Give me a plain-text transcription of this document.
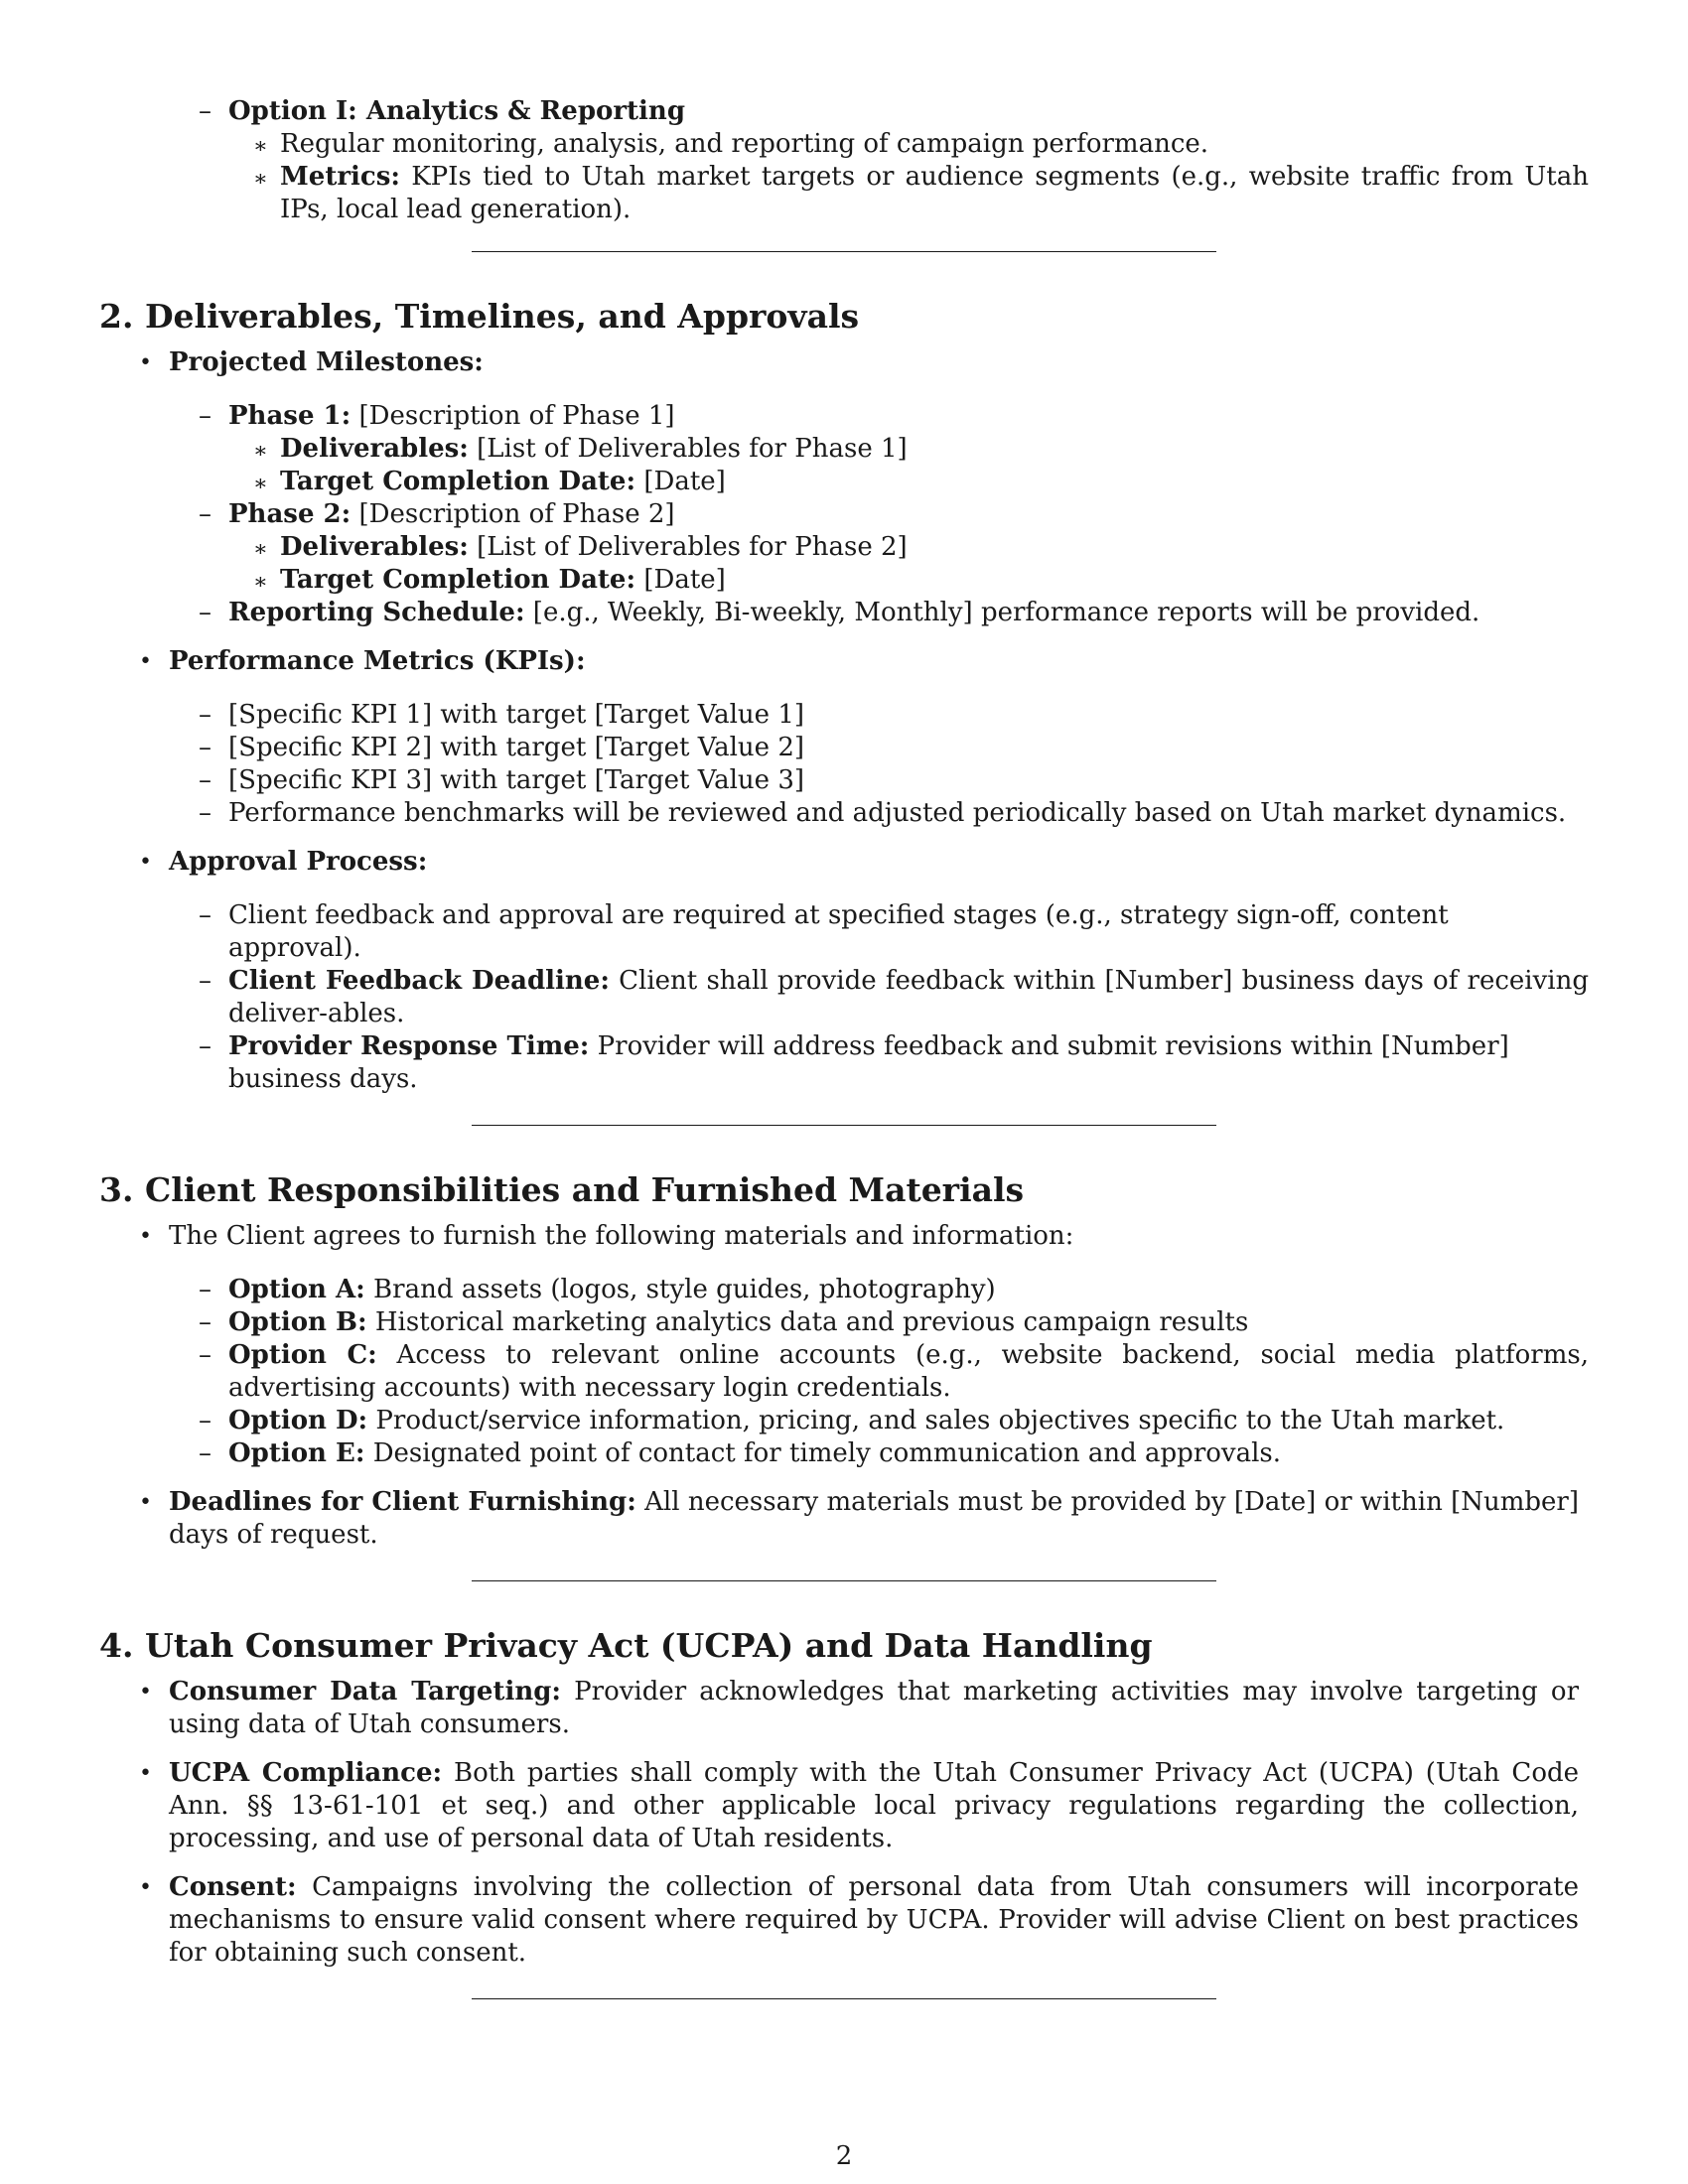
– Option I: Analytics & Reporting
∗ Regular monitoring, analysis, and reporting of campaign performance.
∗ Metrics: KPIs tied to Utah market targets or audience segments (e.g., website traffic from Utah IPs, local lead generation).
2. Deliverables, Timelines, and Approvals
• Projected Milestones:
– Phase 1: [Description of Phase 1]
∗ Deliverables: [List of Deliverables for Phase 1]
∗ Target Completion Date: [Date]
– Phase 2: [Description of Phase 2]
∗ Deliverables: [List of Deliverables for Phase 2]
∗ Target Completion Date: [Date]
– Reporting Schedule: [e.g., Weekly, Bi-weekly, Monthly] performance reports will be provided.
• Performance Metrics (KPIs):
– [Specific KPI 1] with target [Target Value 1]
– [Specific KPI 2] with target [Target Value 2]
– [Specific KPI 3] with target [Target Value 3]
– Performance benchmarks will be reviewed and adjusted periodically based on Utah market dynamics.
• Approval Process:
– Client feedback and approval are required at specified stages (e.g., strategy sign-off, content approval).
– Client Feedback Deadline: Client shall provide feedback within [Number] business days of receiving deliver-ables.
– Provider Response Time: Provider will address feedback and submit revisions within [Number] business days.
3. Client Responsibilities and Furnished Materials
• The Client agrees to furnish the following materials and information:
– Option A: Brand assets (logos, style guides, photography)
– Option B: Historical marketing analytics data and previous campaign results
– Option C: Access to relevant online accounts (e.g., website backend, social media platforms, advertising accounts) with necessary login credentials.
– Option D: Product/service information, pricing, and sales objectives specific to the Utah market.
– Option E: Designated point of contact for timely communication and approvals.
• Deadlines for Client Furnishing: All necessary materials must be provided by [Date] or within [Number] days of request.
4. Utah Consumer Privacy Act (UCPA) and Data Handling
• Consumer Data Targeting: Provider acknowledges that marketing activities may involve targeting or using data of Utah consumers.
• UCPA Compliance: Both parties shall comply with the Utah Consumer Privacy Act (UCPA) (Utah Code Ann. §§ 13-61-101 et seq.) and other applicable local privacy regulations regarding the collection, processing, and use of personal data of Utah residents.
• Consent: Campaigns involving the collection of personal data from Utah consumers will incorporate mechanisms to ensure valid consent where required by UCPA. Provider will advise Client on best practices for obtaining such consent.
2
